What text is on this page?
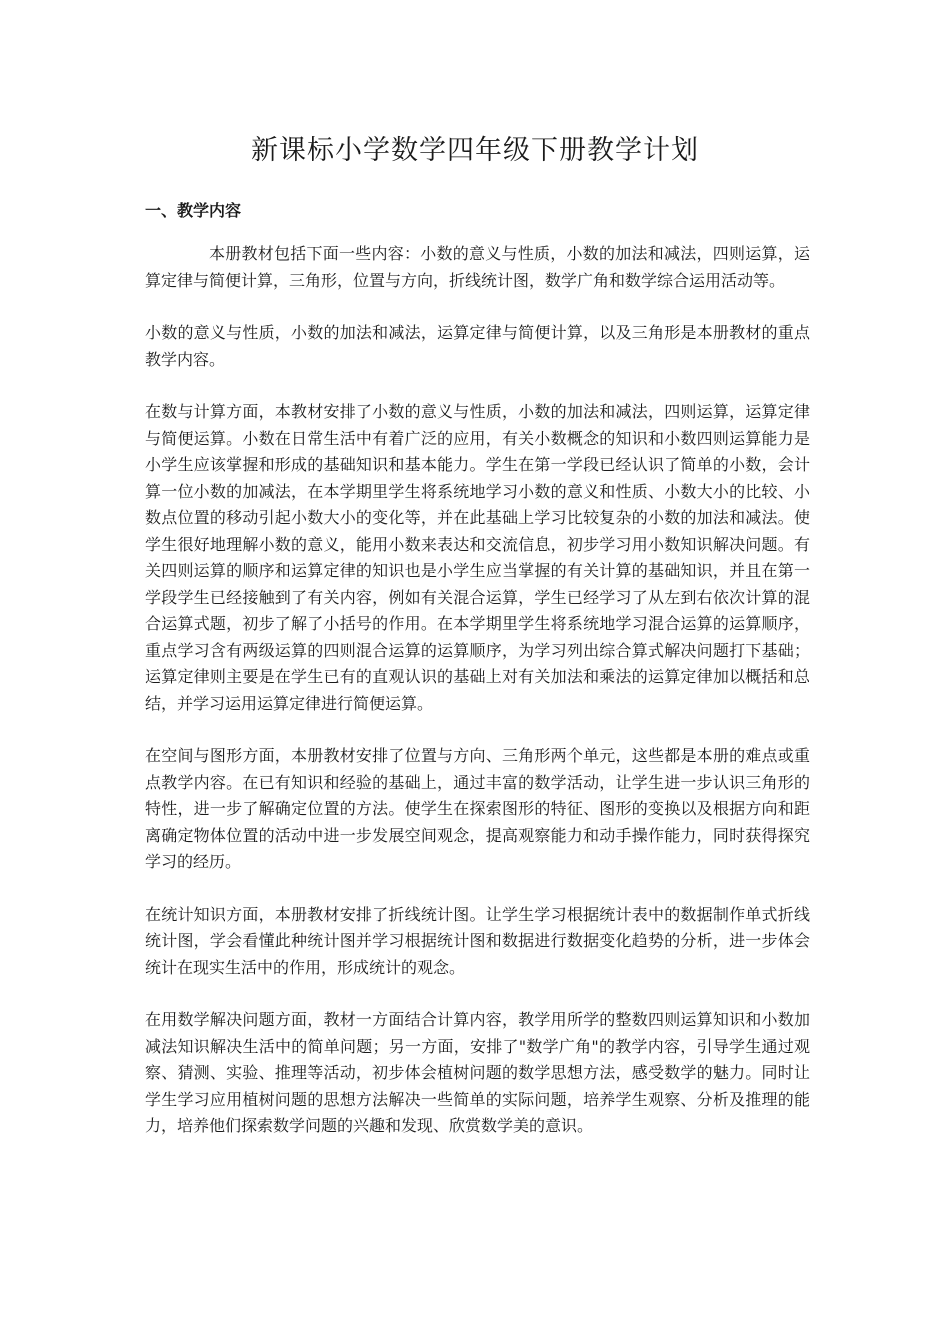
新课标小学数学四年级下册教学计划
一、教学内容

本册教材包括下面一些内容：小数的意义与性质，小数的加法和减法，四则运算，运算定律与简便计算，三角形，位置与方向，折线统计图，数学广角和数学综合运用活动等。

小数的意义与性质，小数的加法和减法，运算定律与简便计算，以及三角形是本册教材的重点教学内容。

在数与计算方面，本教材安排了小数的意义与性质，小数的加法和减法，四则运算，运算定律与简便运算。小数在日常生活中有着广泛的应用，有关小数概念的知识和小数四则运算能力是小学生应该掌握和形成的基础知识和基本能力。学生在第一学段已经认识了简单的小数，会计算一位小数的加减法，在本学期里学生将系统地学习小数的意义和性质、小数大小的比较、小数点位置的移动引起小数大小的变化等，并在此基础上学习比较复杂的小数的加法和减法。使学生很好地理解小数的意义，能用小数来表达和交流信息，初步学习用小数知识解决问题。有关四则运算的顺序和运算定律的知识也是小学生应当掌握的有关计算的基础知识，并且在第一学段学生已经接触到了有关内容，例如有关混合运算，学生已经学习了从左到右依次计算的混合运算式题，初步了解了小括号的作用。在本学期里学生将系统地学习混合运算的运算顺序，重点学习含有两级运算的四则混合运算的运算顺序，为学习列出综合算式解决问题打下基础；运算定律则主要是在学生已有的直观认识的基础上对有关加法和乘法的运算定律加以概括和总结，并学习运用运算定律进行简便运算。

在空间与图形方面，本册教材安排了位置与方向、三角形两个单元，这些都是本册的难点或重点教学内容。在已有知识和经验的基础上，通过丰富的数学活动，让学生进一步认识三角形的特性，进一步了解确定位置的方法。使学生在探索图形的特征、图形的变换以及根据方向和距离确定物体位置的活动中进一步发展空间观念，提高观察能力和动手操作能力，同时获得探究学习的经历。

在统计知识方面，本册教材安排了折线统计图。让学生学习根据统计表中的数据制作单式折线统计图，学会看懂此种统计图并学习根据统计图和数据进行数据变化趋势的分析，进一步体会统计在现实生活中的作用，形成统计的观念。

在用数学解决问题方面，教材一方面结合计算内容，教学用所学的整数四则运算知识和小数加减法知识解决生活中的简单问题；另一方面，安排了"数学广角"的教学内容，引导学生通过观察、猜测、实验、推理等活动，初步体会植树问题的数学思想方法，感受数学的魅力。同时让学生学习应用植树问题的思想方法解决一些简单的实际问题，培养学生观察、分析及推理的能力，培养他们探索数学问题的兴趣和发现、欣赏数学美的意识。
